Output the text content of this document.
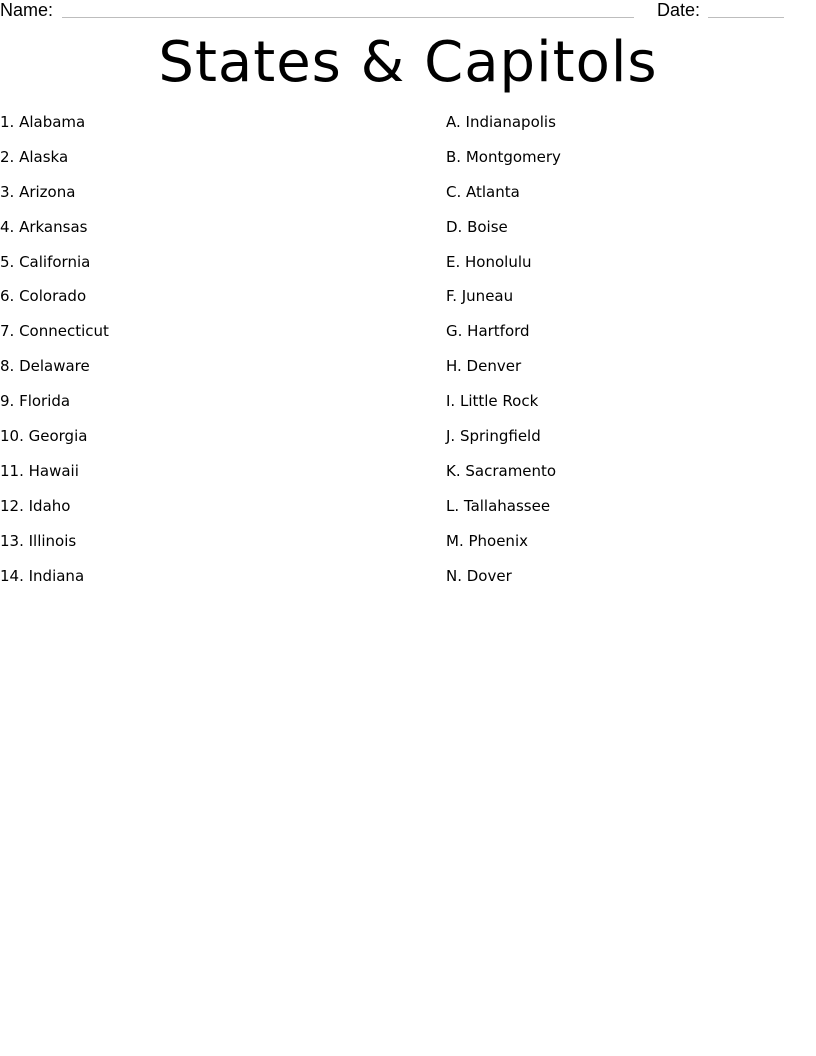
Name:	Date:
States & Capitols
1. Alabama
2. Alaska
3. Arizona
4. Arkansas
5. California
6. Colorado
7. Connecticut
8. Delaware
9. Florida
10. Georgia
11. Hawaii
12. Idaho
13. Illinois
14. Indiana
A. Indianapolis
B. Montgomery
C. Atlanta
D. Boise
E. Honolulu
F. Juneau
G. Hartford
H. Denver
I. Little Rock
J. Springfield
K. Sacramento
L. Tallahassee
M. Phoenix
N. Dover
